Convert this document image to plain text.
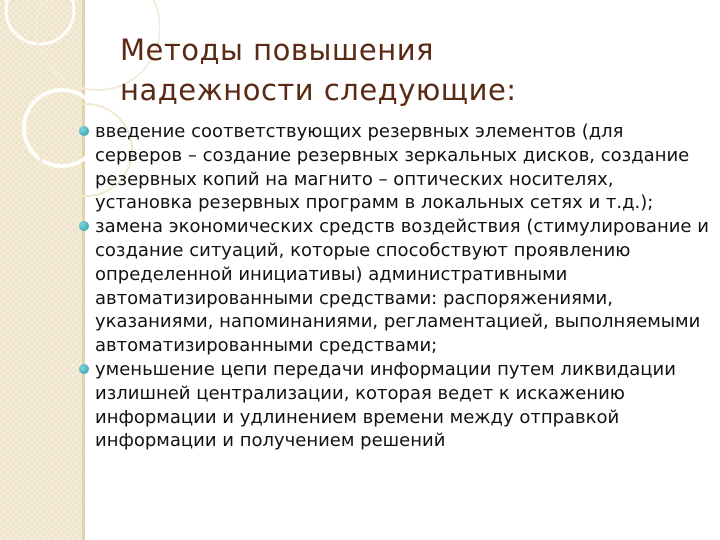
Методы повышения
надежности следующие:
введение соответствующих резервных элементов (для серверов – создание резервных зеркальных дисков, создание резервных копий на магнито – оптических носителях, установка резервных программ в локальных сетях и т.д.);
замена экономических средств воздействия (стимулирование и создание ситуаций, которые способствуют проявлению определенной инициативы) административными автоматизированными средствами: распоряжениями, указаниями, напоминаниями, регламентацией, выполняемыми автоматизированными средствами;
уменьшение цепи передачи информации путем ликвидации излишней централизации, которая ведет к искажению информации и удлинением времени между отправкой информации и получением решений
